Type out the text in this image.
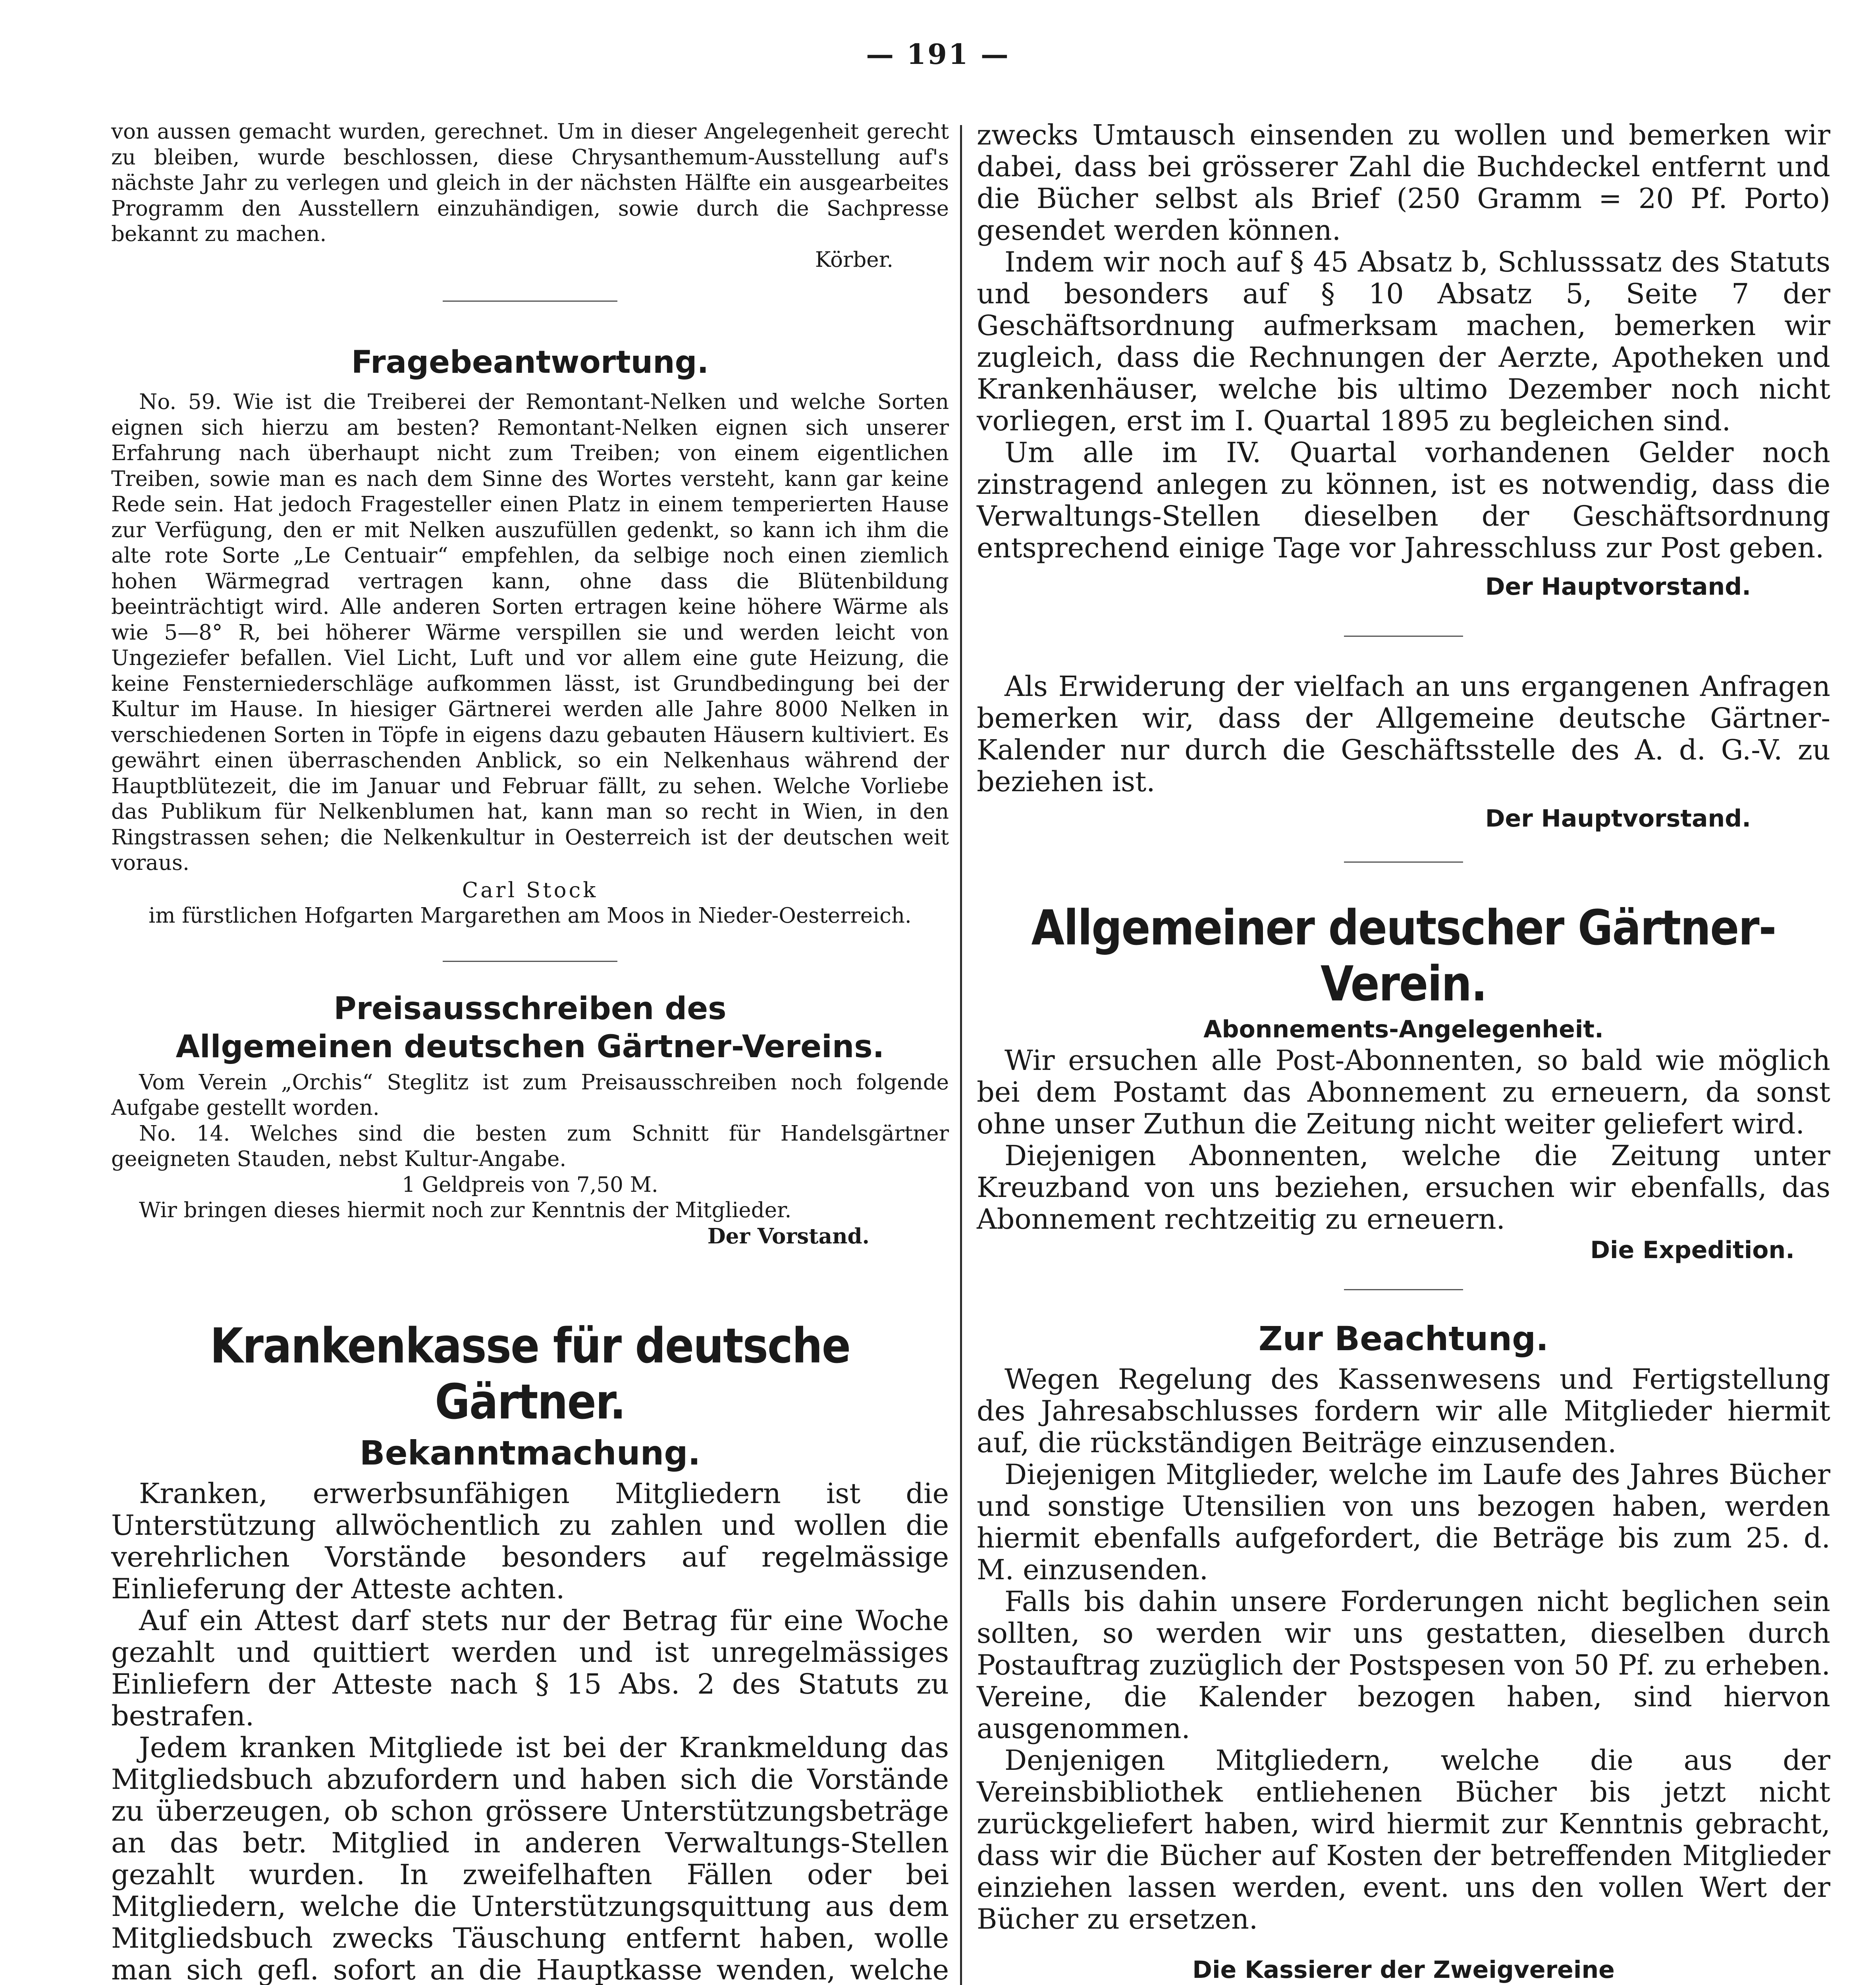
— 191 —

von aussen gemacht wurden, gerechnet. Um in dieser Angelegenheit gerecht zu bleiben, wurde beschlossen, diese Chrysanthemum-Ausstellung auf's nächste Jahr zu verlegen und gleich in der nächsten Hälfte ein ausgearbeites Programm den Ausstellern einzuhändigen, sowie durch die Sachpresse bekannt zu machen.

Körber.

Fragebeantwortung.

No. 59. Wie ist die Treiberei der Remontant-Nelken und welche Sorten eignen sich hierzu am besten? Remontant-Nelken eignen sich unserer Erfahrung nach überhaupt nicht zum Treiben; von einem eigentlichen Treiben, sowie man es nach dem Sinne des Wortes versteht, kann gar keine Rede sein. Hat jedoch Fragesteller einen Platz in einem temperierten Hause zur Verfügung, den er mit Nelken auszufüllen gedenkt, so kann ich ihm die alte rote Sorte „Le Centuair“ empfehlen, da selbige noch einen ziemlich hohen Wärmegrad vertragen kann, ohne dass die Blütenbildung beeinträchtigt wird. Alle anderen Sorten ertragen keine höhere Wärme als wie 5—8° R, bei höherer Wärme verspillen sie und werden leicht von Ungeziefer befallen. Viel Licht, Luft und vor allem eine gute Heizung, die keine Fensterniederschläge aufkommen lässt, ist Grundbedingung bei der Kultur im Hause. In hiesiger Gärtnerei werden alle Jahre 8000 Nelken in verschiedenen Sorten in Töpfe in eigens dazu gebauten Häusern kultiviert. Es gewährt einen überraschenden Anblick, so ein Nelkenhaus während der Hauptblütezeit, die im Januar und Februar fällt, zu sehen. Welche Vorliebe das Publikum für Nelkenblumen hat, kann man so recht in Wien, in den Ringstrassen sehen; die Nelkenkultur in Oesterreich ist der deutschen weit voraus.

Carl Stock

im fürstlichen Hofgarten Margarethen am Moos in Nieder-Oesterreich.

Preisausschreiben des
Allgemeinen deutschen Gärtner-Vereins.

Vom Verein „Orchis“ Steglitz ist zum Preisausschreiben noch folgende Aufgabe gestellt worden.

No. 14. Welches sind die besten zum Schnitt für Handelsgärtner geeigneten Stauden, nebst Kultur-Angabe.

1 Geldpreis von 7,50 M.

Wir bringen dieses hiermit noch zur Kenntnis der Mitglieder.

Der Vorstand.

Krankenkasse für deutsche Gärtner.
Bekanntmachung.

Kranken, erwerbsunfähigen Mitgliedern ist die Unterstützung allwöchentlich zu zahlen und wollen die verehrlichen Vorstände besonders auf regelmässige Einlieferung der Atteste achten.

Auf ein Attest darf stets nur der Betrag für eine Woche gezahlt und quittiert werden und ist unregelmässiges Einliefern der Atteste nach § 15 Abs. 2 des Statuts zu bestrafen.

Jedem kranken Mitgliede ist bei der Krankmeldung das Mitgliedsbuch abzufordern und haben sich die Vorstände zu überzeugen, ob schon grössere Unterstützungsbeträge an das betr. Mitglied in anderen Verwaltungs-Stellen gezahlt wurden. In zweifelhaften Fällen oder bei Mitgliedern, welche die Unterstützungsquittung aus dem Mitgliedsbuch zwecks Täuschung entfernt haben, wolle man sich gefl. sofort an die Hauptkasse wenden, welche

zwecks Umtausch einsenden zu wollen und bemerken wir dabei, dass bei grösserer Zahl die Buchdeckel entfernt und die Bücher selbst als Brief (250 Gramm = 20 Pf. Porto) gesendet werden können.

Indem wir noch auf § 45 Absatz b, Schlusssatz des Statuts und besonders auf § 10 Absatz 5, Seite 7 der Geschäftsordnung aufmerksam machen, bemerken wir zugleich, dass die Rechnungen der Aerzte, Apotheken und Krankenhäuser, welche bis ultimo Dezember noch nicht vorliegen, erst im I. Quartal 1895 zu begleichen sind.

Um alle im IV. Quartal vorhandenen Gelder noch zinstragend anlegen zu können, ist es notwendig, dass die Verwaltungs-Stellen dieselben der Geschäftsordnung entsprechend einige Tage vor Jahresschluss zur Post geben.

Der Hauptvorstand.

Als Erwiderung der vielfach an uns ergangenen Anfragen bemerken wir, dass der Allgemeine deutsche Gärtner-Kalender nur durch die Geschäftsstelle des A. d. G.-V. zu beziehen ist.

Der Hauptvorstand.
Allgemeiner deutscher Gärtner-Verein.
Abonnements-Angelegenheit.

Wir ersuchen alle Post-Abonnenten, so bald wie möglich bei dem Postamt das Abonnement zu erneuern, da sonst ohne unser Zuthun die Zeitung nicht weiter geliefert wird.

Diejenigen Abonnenten, welche die Zeitung unter Kreuzband von uns beziehen, ersuchen wir ebenfalls, das Abonnement rechtzeitig zu erneuern.

Die Expedition.
Zur Beachtung.

Wegen Regelung des Kassenwesens und Fertigstellung des Jahresabschlusses fordern wir alle Mitglieder hiermit auf, die rückständigen Beiträge einzusenden.

Diejenigen Mitglieder, welche im Laufe des Jahres Bücher und sonstige Utensilien von uns bezogen haben, werden hiermit ebenfalls aufgefordert, die Beträge bis zum 25. d. M. einzusenden.

Falls bis dahin unsere Forderungen nicht beglichen sein sollten, so werden wir uns gestatten, dieselben durch Postauftrag zuzüglich der Postspesen von 50 Pf. zu erheben. Vereine, die Kalender bezogen haben, sind hiervon ausgenommen.

Denjenigen Mitgliedern, welche die aus der Vereinsbibliothek entliehenen Bücher bis jetzt nicht zurückgeliefert haben, wird hiermit zur Kenntnis gebracht, dass wir die Bücher auf Kosten der betreffenden Mitglieder einziehen lassen werden, event. uns den vollen Wert der Bücher zu ersetzen.

Die Kassierer der Zweigvereine
